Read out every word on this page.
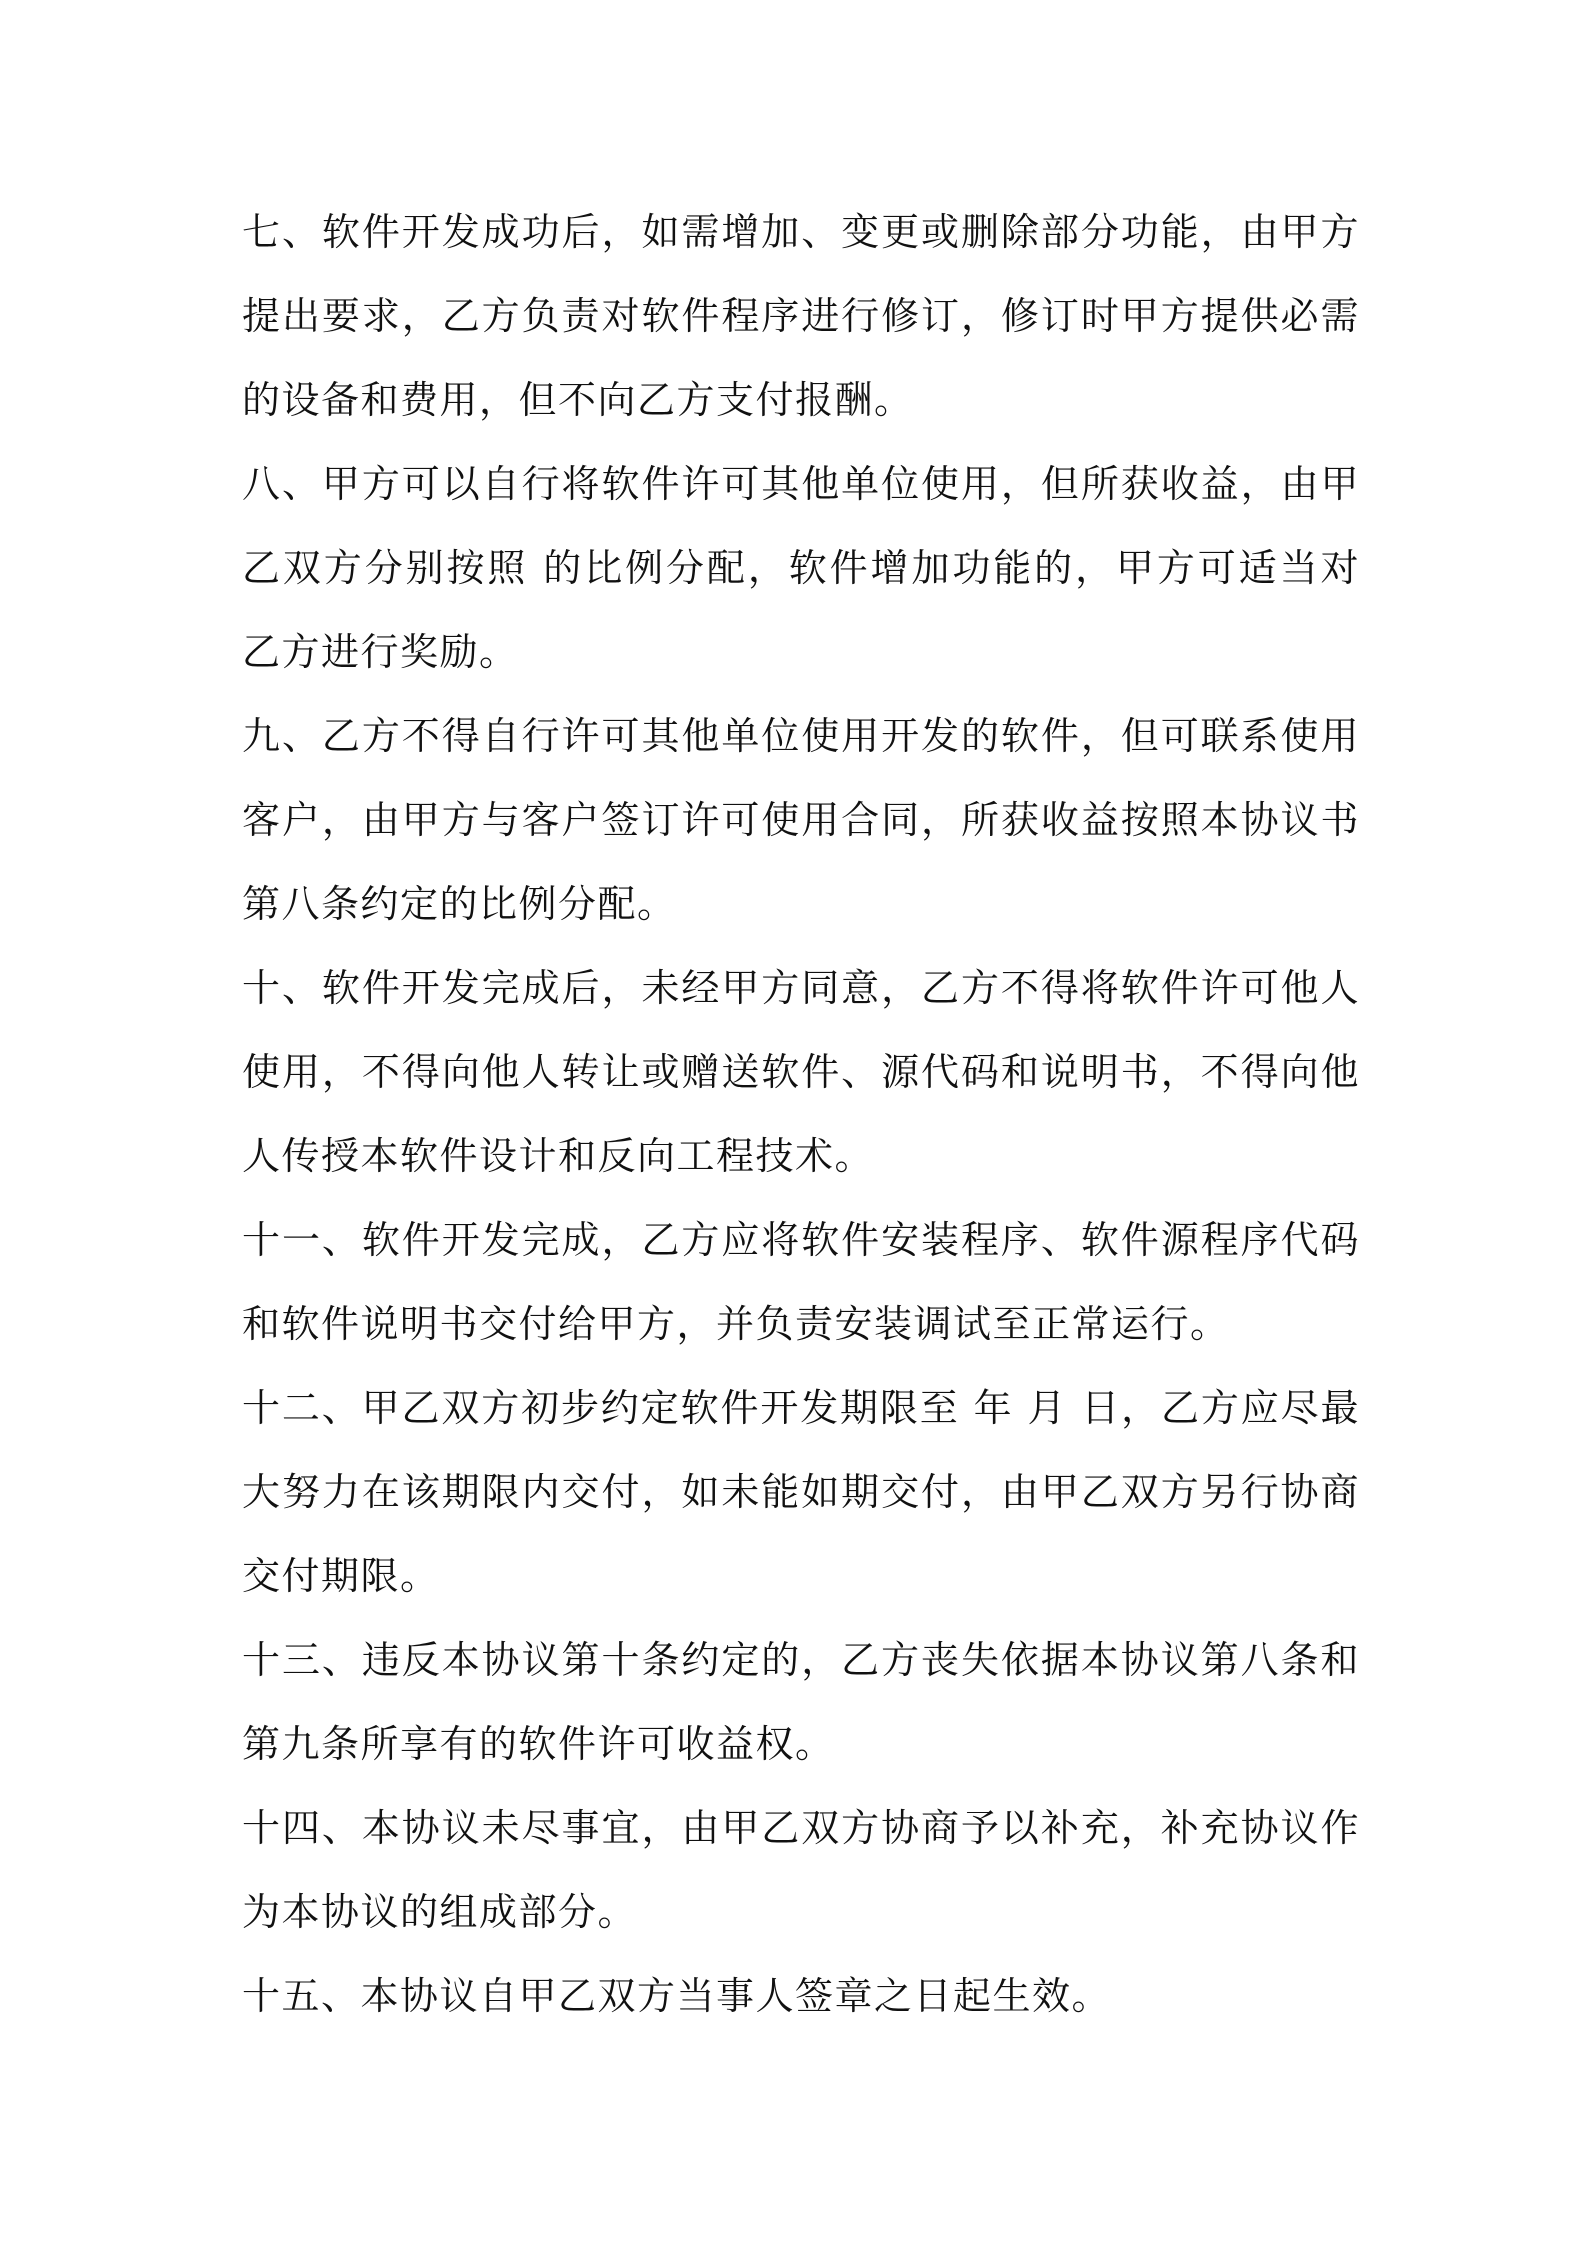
七、软件开发成功后，如需增加、变更或删除部分功能，由甲方提出要求，乙方负责对软件程序进行修订，修订时甲方提供必需的设备和费用，但不向乙方支付报酬。

八、甲方可以自行将软件许可其他单位使用，但所获收益，由甲乙双方分别按照 的比例分配，软件增加功能的，甲方可适当对乙方进行奖励。

九、乙方不得自行许可其他单位使用开发的软件，但可联系使用客户，由甲方与客户签订许可使用合同，所获收益按照本协议书第八条约定的比例分配。

十、软件开发完成后，未经甲方同意，乙方不得将软件许可他人使用，不得向他人转让或赠送软件、源代码和说明书，不得向他人传授本软件设计和反向工程技术。

十一、软件开发完成，乙方应将软件安装程序、软件源程序代码和软件说明书交付给甲方，并负责安装调试至正常运行。

十二、甲乙双方初步约定软件开发期限至 年 月 日，乙方应尽最大努力在该期限内交付，如未能如期交付，由甲乙双方另行协商交付期限。

十三、违反本协议第十条约定的，乙方丧失依据本协议第八条和第九条所享有的软件许可收益权。

十四、本协议未尽事宜，由甲乙双方协商予以补充，补充协议作为本协议的组成部分。

十五、本协议自甲乙双方当事人签章之日起生效。
